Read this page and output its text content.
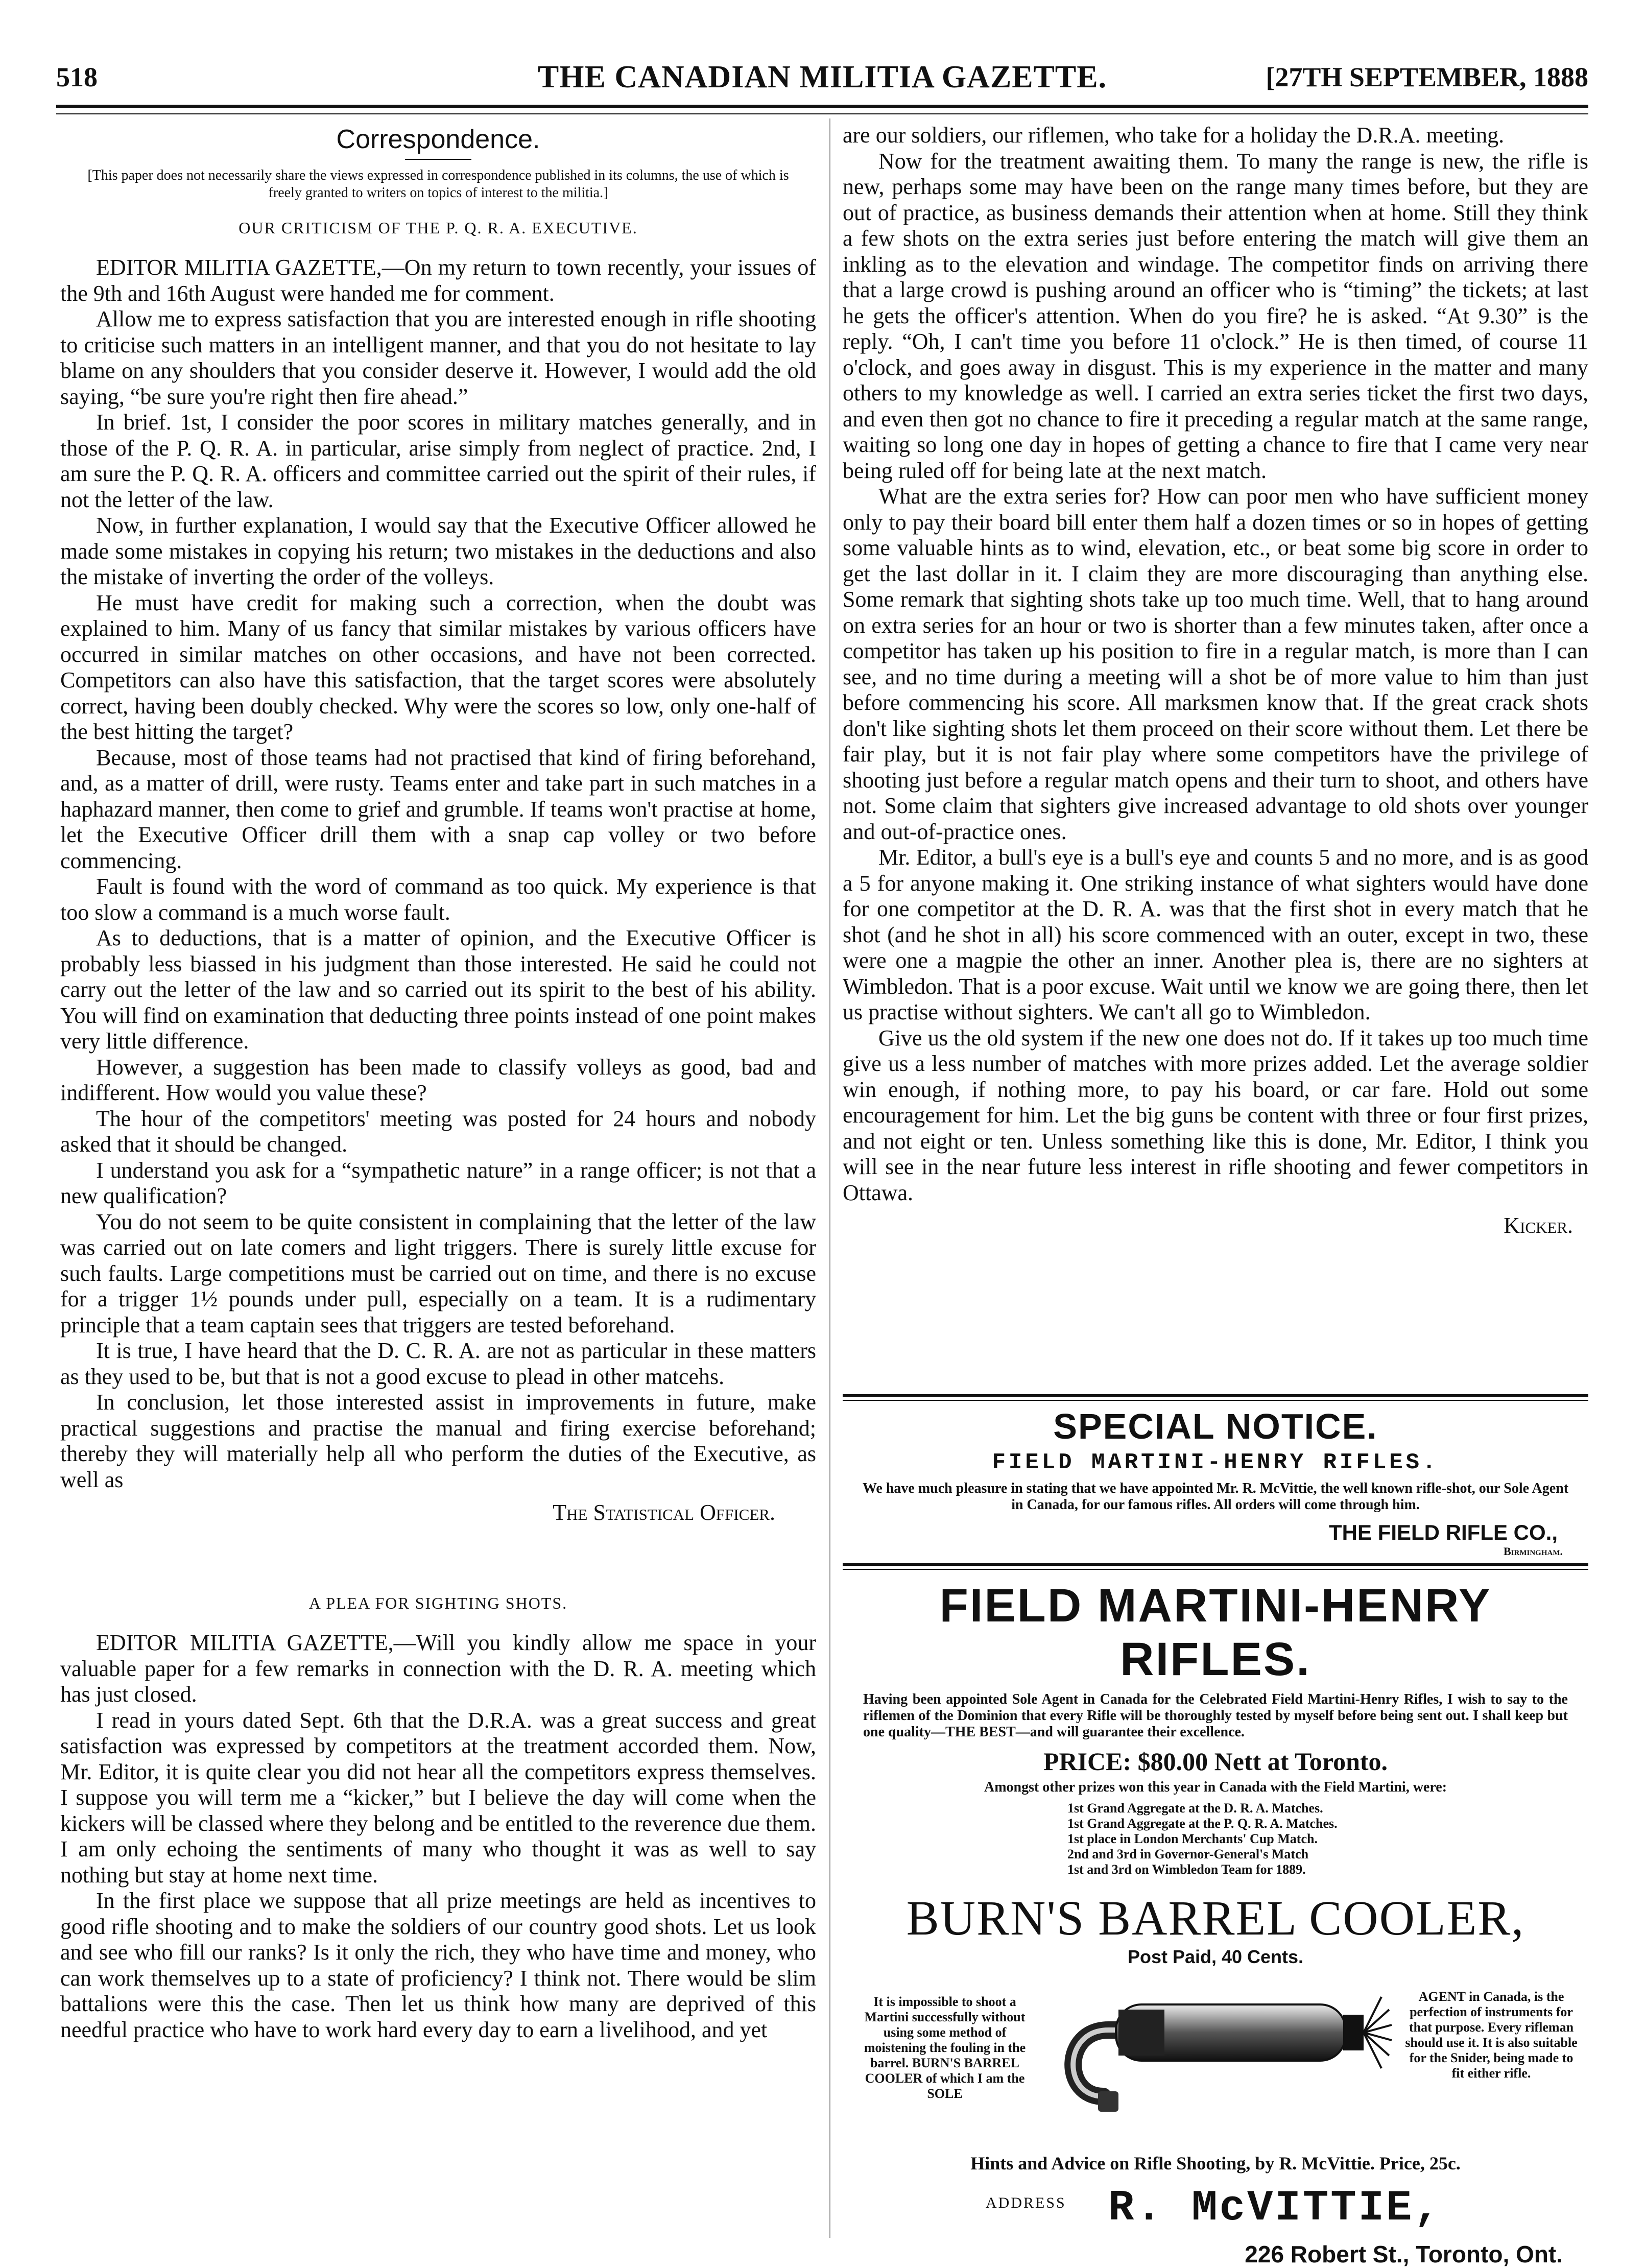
518	THE CANADIAN MILITIA GAZETTE.	[27TH SEPTEMBER, 1888
Correspondence.
[This paper does not necessarily share the views expressed in correspondence published in its columns, the use of which is freely granted to writers on topics of interest to the militia.]
OUR CRITICISM OF THE P. Q. R. A. EXECUTIVE.

EDITOR MILITIA GAZETTE,—On my return to town recently, your issues of the 9th and 16th August were handed me for comment.

Allow me to express satisfaction that you are interested enough in rifle shooting to criticise such matters in an intelligent manner, and that you do not hesitate to lay blame on any shoulders that you consider deserve it. However, I would add the old saying, “be sure you're right then fire ahead.”

In brief. 1st, I consider the poor scores in military matches generally, and in those of the P. Q. R. A. in particular, arise simply from neglect of practice. 2nd, I am sure the P. Q. R. A. officers and committee carried out the spirit of their rules, if not the letter of the law.

Now, in further explanation, I would say that the Executive Officer allowed he made some mistakes in copying his return; two mistakes in the deductions and also the mistake of inverting the order of the volleys.

He must have credit for making such a correction, when the doubt was explained to him. Many of us fancy that similar mistakes by various officers have occurred in similar matches on other occasions, and have not been corrected. Competitors can also have this satisfaction, that the target scores were absolutely correct, having been doubly checked. Why were the scores so low, only one-half of the best hitting the target?

Because, most of those teams had not practised that kind of firing beforehand, and, as a matter of drill, were rusty. Teams enter and take part in such matches in a haphazard manner, then come to grief and grumble. If teams won't practise at home, let the Executive Officer drill them with a snap cap volley or two before commencing.

Fault is found with the word of command as too quick. My experience is that too slow a command is a much worse fault.

As to deductions, that is a matter of opinion, and the Executive Officer is probably less biassed in his judgment than those interested. He said he could not carry out the letter of the law and so carried out its spirit to the best of his ability. You will find on examination that deducting three points instead of one point makes very little difference.

However, a suggestion has been made to classify volleys as good, bad and indifferent. How would you value these?

The hour of the competitors' meeting was posted for 24 hours and nobody asked that it should be changed.

I understand you ask for a “sympathetic nature” in a range officer; is not that a new qualification?

You do not seem to be quite consistent in complaining that the letter of the law was carried out on late comers and light triggers. There is surely little excuse for such faults. Large competitions must be carried out on time, and there is no excuse for a trigger 1½ pounds under pull, especially on a team. It is a rudimentary principle that a team captain sees that triggers are tested beforehand.

It is true, I have heard that the D. C. R. A. are not as particular in these matters as they used to be, but that is not a good excuse to plead in other matcehs.

In conclusion, let those interested assist in improvements in future, make practical suggestions and practise the manual and firing exercise beforehand; thereby they will materially help all who perform the duties of the Executive, as well as

The Statistical Officer.
A PLEA FOR SIGHTING SHOTS.

EDITOR MILITIA GAZETTE,—Will you kindly allow me space in your valuable paper for a few remarks in connection with the D. R. A. meeting which has just closed.

I read in yours dated Sept. 6th that the D.R.A. was a great success and great satisfaction was expressed by competitors at the treatment accorded them. Now, Mr. Editor, it is quite clear you did not hear all the competitors express themselves. I suppose you will term me a “kicker,” but I believe the day will come when the kickers will be classed where they belong and be entitled to the reverence due them. I am only echoing the sentiments of many who thought it was as well to say nothing but stay at home next time.

In the first place we suppose that all prize meetings are held as incentives to good rifle shooting and to make the soldiers of our country good shots. Let us look and see who fill our ranks? Is it only the rich, they who have time and money, who can work themselves up to a state of proficiency? I think not. There would be slim battalions were this the case. Then let us think how many are deprived of this needful practice who have to work hard every day to earn a livelihood, and yet

are our soldiers, our riflemen, who take for a holiday the D.R.A. meeting.

Now for the treatment awaiting them. To many the range is new, the rifle is new, perhaps some may have been on the range many times before, but they are out of practice, as business demands their attention when at home. Still they think a few shots on the extra series just before entering the match will give them an inkling as to the elevation and windage. The competitor finds on arriving there that a large crowd is pushing around an officer who is “timing” the tickets; at last he gets the officer's attention. When do you fire? he is asked. “At 9.30” is the reply. “Oh, I can't time you before 11 o'clock.” He is then timed, of course 11 o'clock, and goes away in disgust. This is my experience in the matter and many others to my knowledge as well. I carried an extra series ticket the first two days, and even then got no chance to fire it preceding a regular match at the same range, waiting so long one day in hopes of getting a chance to fire that I came very near being ruled off for being late at the next match.

What are the extra series for? How can poor men who have sufficient money only to pay their board bill enter them half a dozen times or so in hopes of getting some valuable hints as to wind, elevation, etc., or beat some big score in order to get the last dollar in it. I claim they are more discouraging than anything else. Some remark that sighting shots take up too much time. Well, that to hang around on extra series for an hour or two is shorter than a few minutes taken, after once a competitor has taken up his position to fire in a regular match, is more than I can see, and no time during a meeting will a shot be of more value to him than just before commencing his score. All marksmen know that. If the great crack shots don't like sighting shots let them proceed on their score without them. Let there be fair play, but it is not fair play where some competitors have the privilege of shooting just before a regular match opens and their turn to shoot, and others have not. Some claim that sighters give increased advantage to old shots over younger and out-of-practice ones.

Mr. Editor, a bull's eye is a bull's eye and counts 5 and no more, and is as good a 5 for anyone making it. One striking instance of what sighters would have done for one competitor at the D. R. A. was that the first shot in every match that he shot (and he shot in all) his score commenced with an outer, except in two, these were one a magpie the other an inner. Another plea is, there are no sighters at Wimbledon. That is a poor excuse. Wait until we know we are going there, then let us practise without sighters. We can't all go to Wimbledon.

Give us the old system if the new one does not do. If it takes up too much time give us a less number of matches with more prizes added. Let the average soldier win enough, if nothing more, to pay his board, or car fare. Hold out some encouragement for him. Let the big guns be content with three or four first prizes, and not eight or ten. Unless something like this is done, Mr. Editor, I think you will see in the near future less interest in rifle shooting and fewer competitors in Ottawa.

Kicker.
SPECIAL NOTICE.
FIELD MARTINI-HENRY RIFLES.
We have much pleasure in stating that we have appointed Mr. R. McVittie, the well known rifle-shot, our Sole Agent in Canada, for our famous rifles. All orders will come through him.
THE FIELD RIFLE CO.,
Birmingham.
FIELD MARTINI-HENRY RIFLES.
Having been appointed Sole Agent in Canada for the Celebrated Field Martini-Henry Rifles, I wish to say to the riflemen of the Dominion that every Rifle will be thoroughly tested by myself before being sent out. I shall keep but one quality—THE BEST—and will guarantee their excellence.
PRICE: $80.00 Nett at Toronto.
Amongst other prizes won this year in Canada with the Field Martini, were:
1st Grand Aggregate at the D. R. A. Matches.
1st Grand Aggregate at the P. Q. R. A. Matches.
1st place in London Merchants' Cup Match.
2nd and 3rd in Governor-General's Match
1st and 3rd on Wimbledon Team for 1889.
BURN'S BARREL COOLER,
Post Paid, 40 Cents.
It is impossible to shoot a Martini successfully without using some method of moistening the fouling in the barrel. BURN'S BARREL COOLER of which I am the SOLE
AGENT in Canada, is the perfection of instruments for that purpose. Every rifleman should use it. It is also suitable for the Snider, being made to fit either rifle.
Hints and Advice on Rifle Shooting, by R. McVittie. Price, 25c.
ADDRESS R. McVITTIE,
226 Robert St., Toronto, Ont.
